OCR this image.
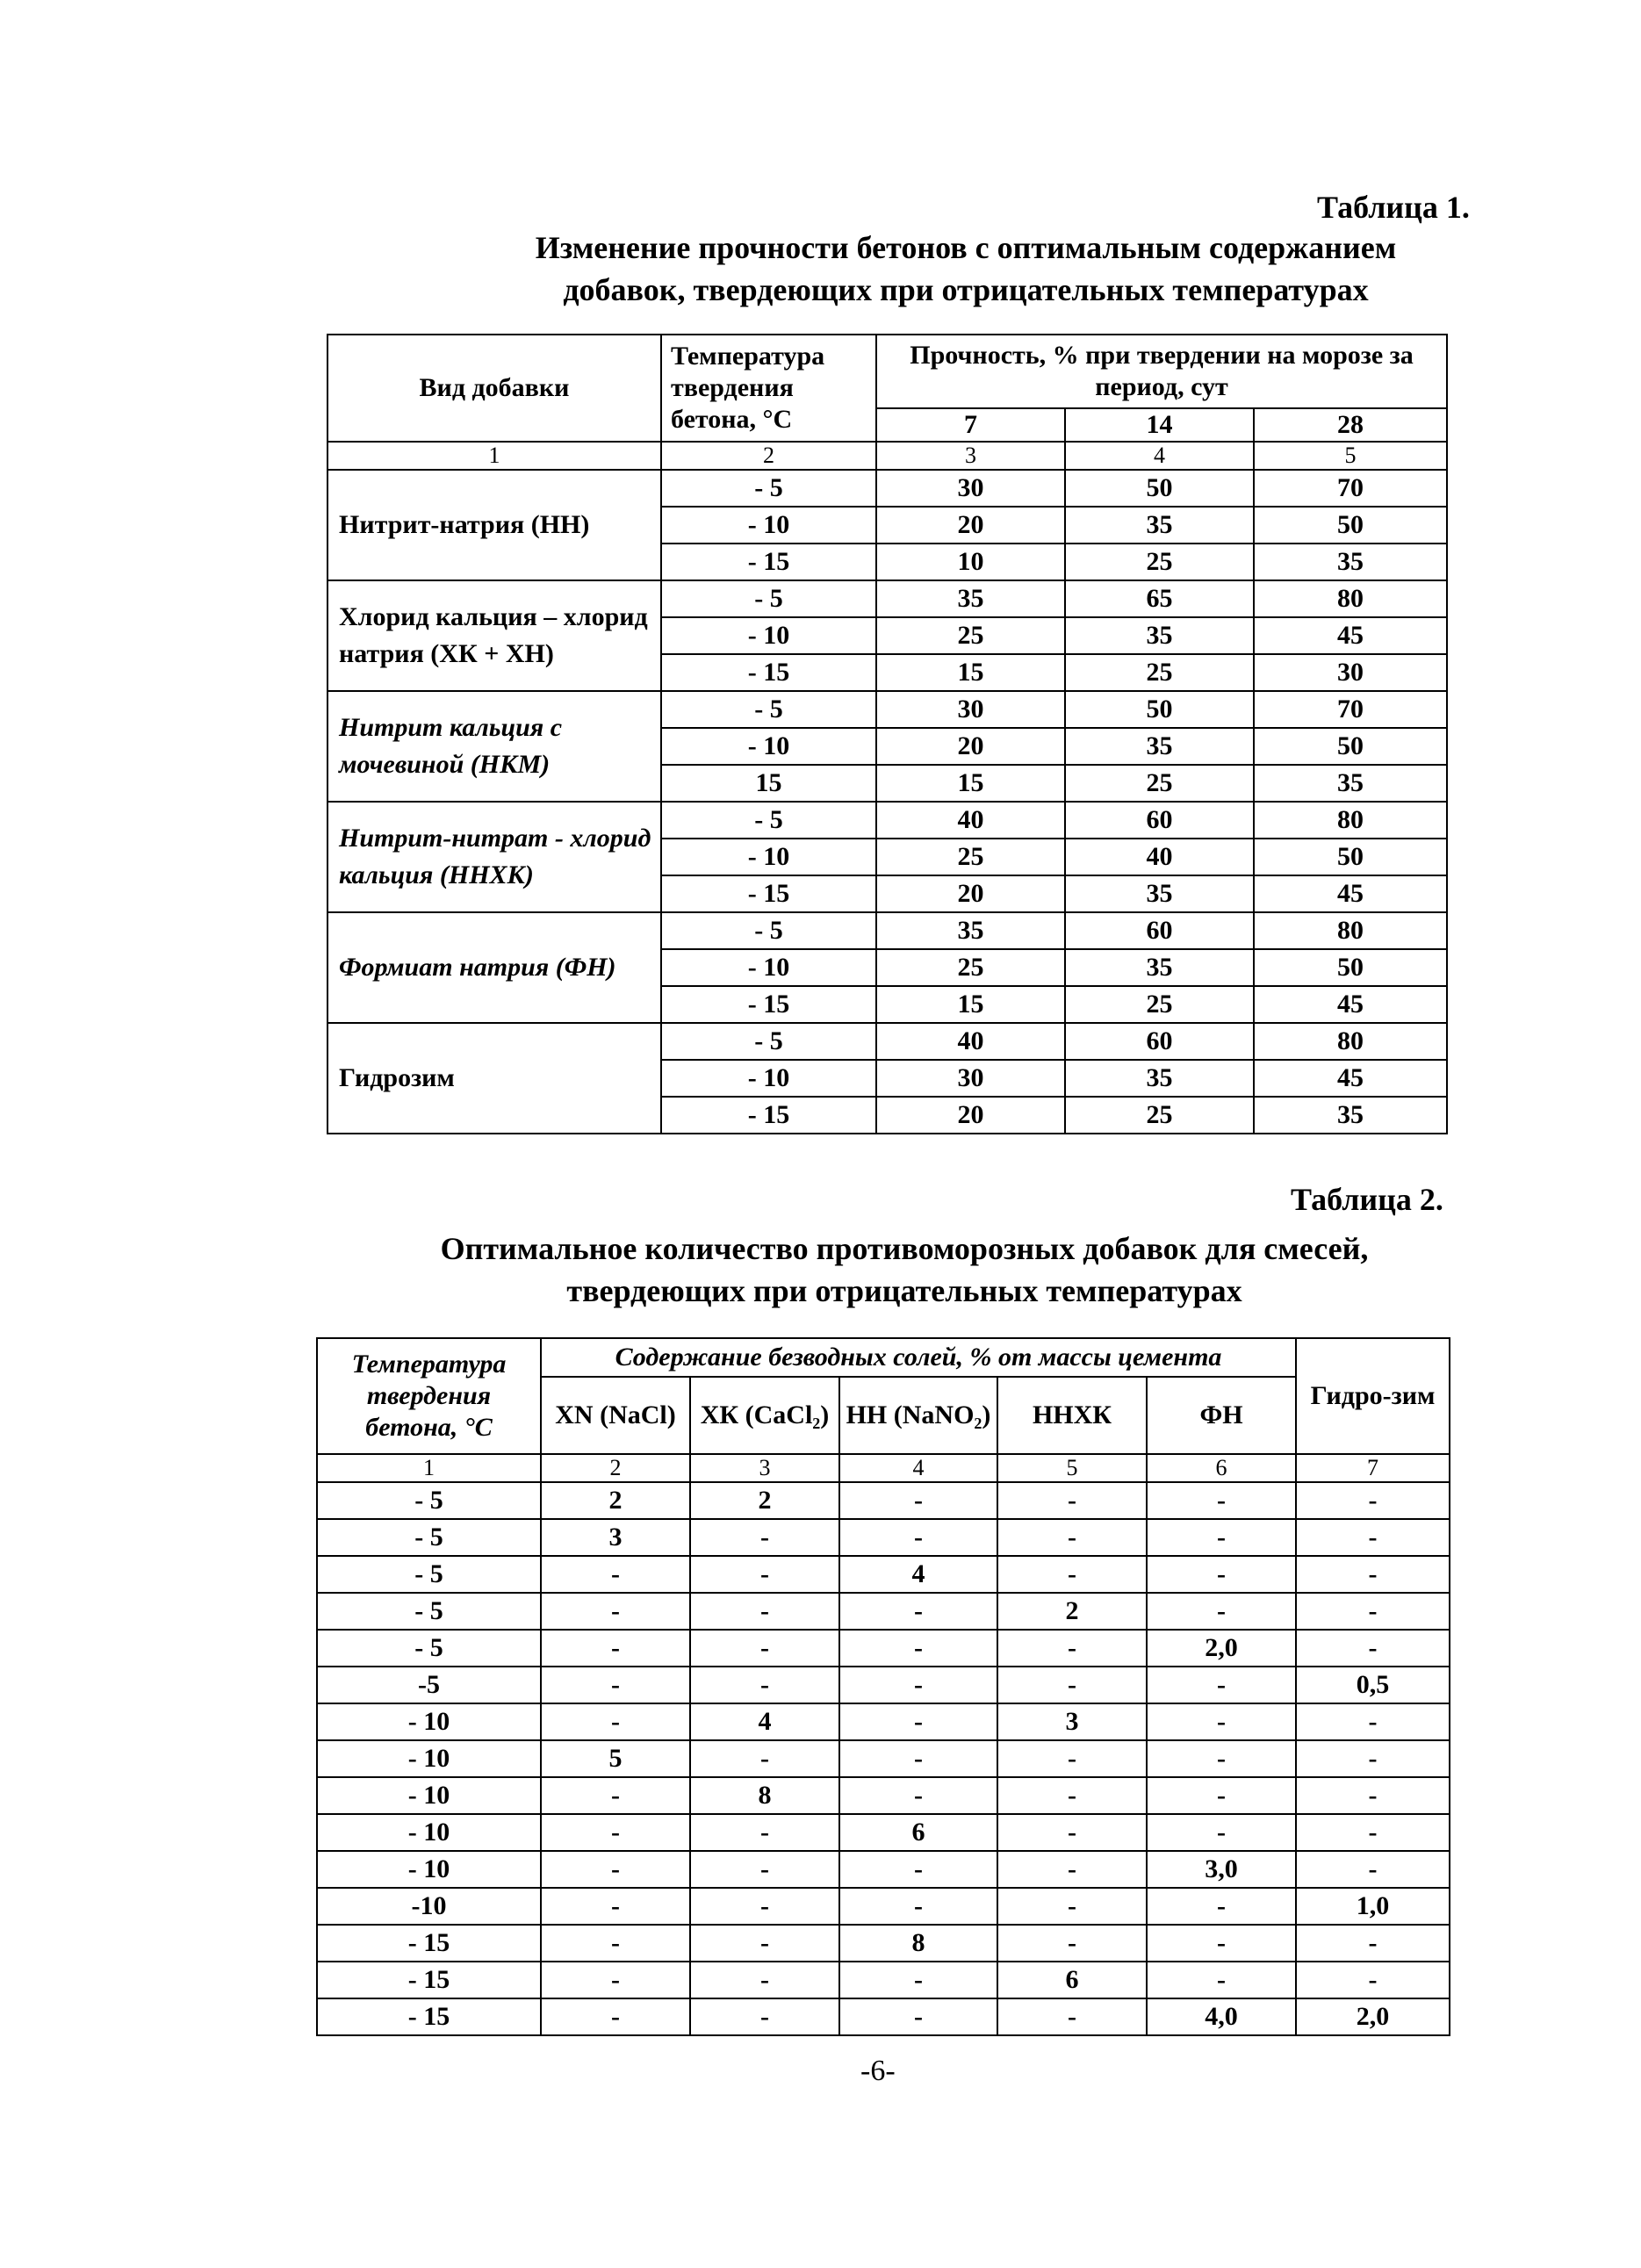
Таблица 1.
Изменение прочности бетонов с оптимальным содержанием
добавок, твердеющих при отрицательных температурах
Вид добавки	Температура твердения бетона, °С	Прочность, % при твердении на морозе за период, сут		
		7	14	28
1	2	3	4	5
Нитрит-натрия (НН)	- 5	30	50	70
	- 10	20	35	50
	- 15	10	25	35
Хлорид кальция – хлорид натрия (ХК + ХН)	- 5	35	65	80
	- 10	25	35	45
	- 15	15	25	30
Нитрит кальция с мочевиной (НКМ)	- 5	30	50	70
	- 10	20	35	50
	15	15	25	35
Нитрит-нитрат - хлорид кальция (ННХК)	- 5	40	60	80
	- 10	25	40	50
	- 15	20	35	45
Формиат натрия (ФН)	- 5	35	60	80
	- 10	25	35	50
	- 15	15	25	45
Гидрозим	- 5	40	60	80
	- 10	30	35	45
	- 15	20	25	35
Таблица 2.
Оптимальное количество противоморозных добавок для смесей,
твердеющих при отрицательных температурах
Температура твердения бетона, °С	Содержание безводных солей, % от массы цемента					Гидро-зим
	ХN (NaCl)	ХК (CaCl₂)	НН (NaNO₂)	ННХК	ФН	
1	2	3	4	5	6	7
- 5	2	2	-	-	-	-
- 5	3	-	-	-	-	-
- 5	-	-	4	-	-	-
- 5	-	-	-	2	-	-
- 5	-	-	-	-	2,0	-
-5	-	-	-	-	-	0,5
- 10	-	4	-	3	-	-
- 10	5	-	-	-	-	-
- 10	-	8	-	-	-	-
- 10	-	-	6	-	-	-
- 10	-	-	-	-	3,0	-
-10	-	-	-	-	-	1,0
- 15	-	-	8	-	-	-
- 15	-	-	-	6	-	-
- 15	-	-	-	-	4,0	2,0
-6-
